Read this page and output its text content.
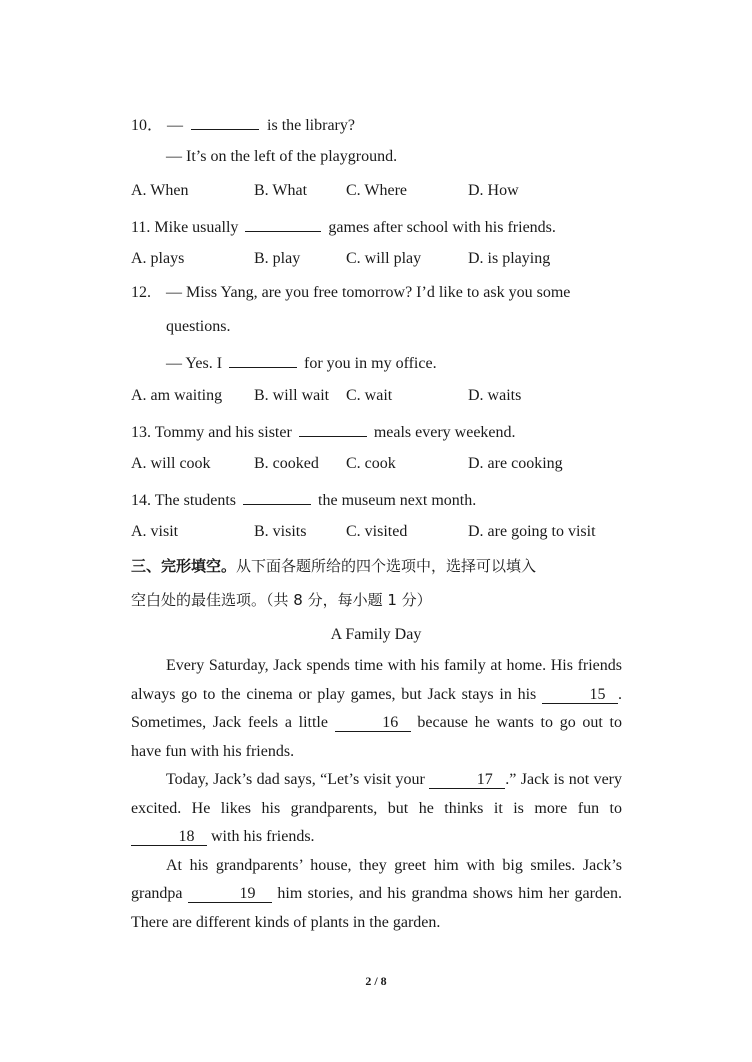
10． —	is the library?
— It’s on the left of the playground.
A. When	B. What C. Where	D. How
11. Mike usually	games after school with his friends.
A. plays	B. play	C. will play	D. is playing
12. — Miss Yang, are you free tomorrow? I’d like to ask you some
questions.
— Yes. I	for you in my office.
A. am waiting B. will wait C. wait	D. waits
13. Tommy and his sister	meals every weekend.
A. will cook	B. cooked C. cook	D. are cooking
14. The students	the museum next month.
A. visit	B. visits C. visited	D. are going to visit
三、完形填空。从下面各题所给的四个选项中，选择可以填入
空白处的最佳选项。（共 8 分，每小题 1 分）
A Family Day

Every Saturday, Jack spends time with his family at home. His friends always go to the cinema or play games, but Jack stays in his	15 . Sometimes, Jack feels a little	16 because he wants to go out to have fun with his friends.

Today, Jack’s dad says, “Let’s visit your	17 .” Jack is not very excited. He likes his grandparents, but he thinks it is more fun to 18 with his friends.

At his grandparents’ house, they greet him with big smiles. Jack’s grandpa	19 him stories, and his grandma shows him her garden. There are different kinds of plants in the garden.

2 / 8
